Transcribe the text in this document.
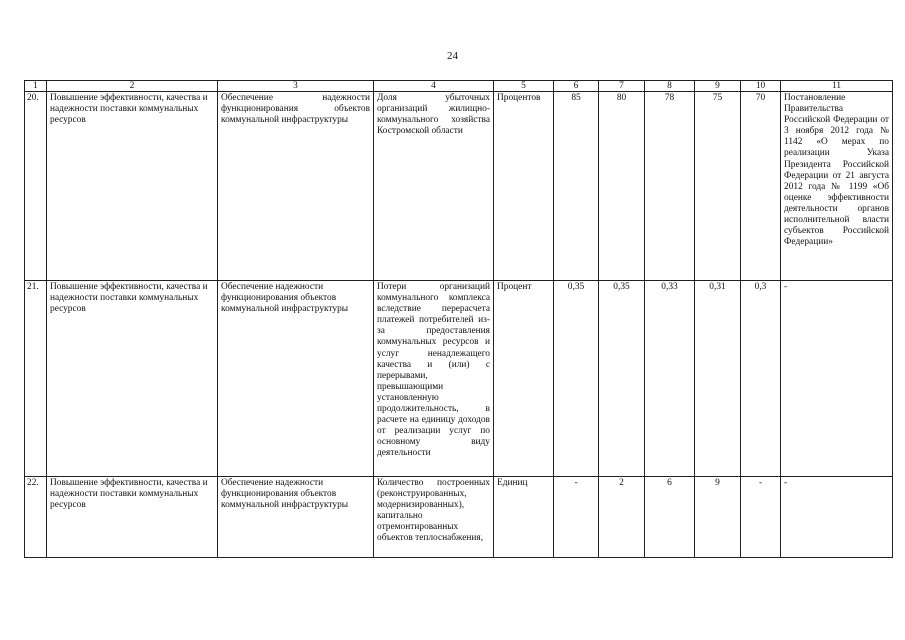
24
1	2	3	4	5	6	7	8	9	10	11
20.	Повышение эффективности, качества и надежности поставки коммунальных ресурсов	Обеспечение надежности функционирования объектов коммунальной инфраструктуры	Доля убыточных организаций жилищно-коммунального хозяйства Костромской области	Процентов	85	80	78	75	70	Постановление Правительства Российской Федерации от 3 ноября 2012 года № 1142 «О мерах по реализации Указа Президента Российской Федерации от 21 августа 2012 года № 1199 «Об оценке эффективности деятельности органов исполнительной власти субъектов Российской Федерации»
21.	Повышение эффективности, качества и надежности поставки коммунальных ресурсов	Обеспечение надежности функционирования объектов коммунальной инфраструктуры	Потери организаций коммунального комплекса вследствие перерасчета платежей потребителей из-за предоставления коммунальных ресурсов и услуг ненадлежащего качества и (или) с перерывами, превышающими установленную продолжительность, в расчете на единицу доходов от реализации услуг по основному виду деятельности	Процент	0,35	0,35	0,33	0,31	0,3	-
22.	Повышение эффективности, качества и надежности поставки коммунальных ресурсов	Обеспечение надежности функционирования объектов коммунальной инфраструктуры	Количество построенных (реконструированных, модернизированных), капитально отремонтированных объектов теплоснабжения,	Единиц	-	2	6	9	-	-
